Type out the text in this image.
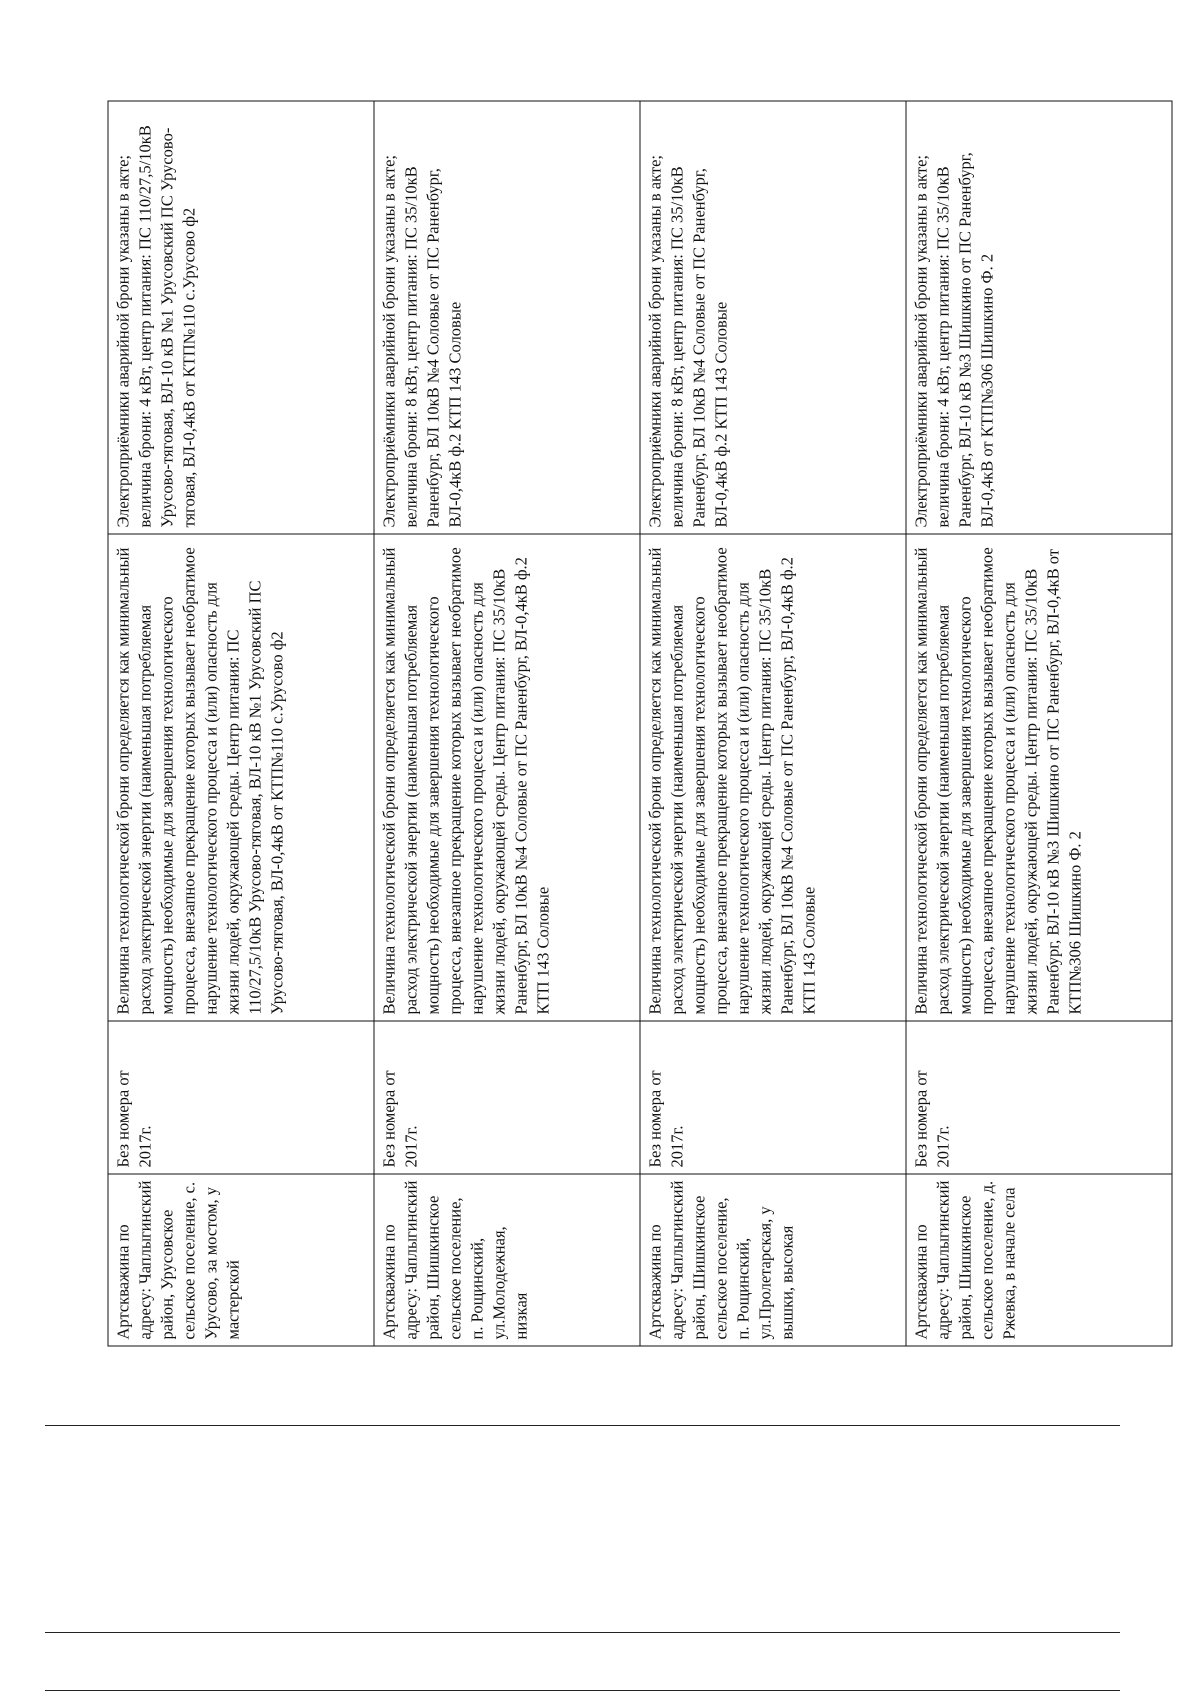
Артскважина по адресу: Чаплыгинский район, Урусовское сельское поселение, с. Урусово, за мостом, у мастерской	Без номера от 2017г.	Величина технологической брони определяется как минимальный расход электрической энергии (наименьшая потребляемая мощность) необходимые для завершения технологического процесса, внезапное прекращение которых вызывает необратимое нарушение технологического процесса и (или) опасность для жизни людей, окружающей среды. Центр питания: ПС 110/27,5/10кВ Урусово-тяговая, ВЛ-10 кВ №1 Урусовский ПС Урусово-тяговая, ВЛ-0,4кВ от КТП№110 с.Урусово ф2	Электроприёмники аварийной брони указаны в акте; величина брони: 4 кВт, центр питания: ПС 110/27,5/10кВ Урусово-тяговая, ВЛ-10 кВ №1 Урусовский ПС Урусово-тяговая, ВЛ-0,4кВ от КТП№110 с.Урусово ф2
Артскважина по адресу: Чаплыгинский район, Шишкинское сельское поселение, п. Рощинский, ул.Молодежная, низкая	Без номера от 2017г.	Величина технологической брони определяется как минимальный расход электрической энергии (наименьшая потребляемая мощность) необходимые для завершения технологического процесса, внезапное прекращение которых вызывает необратимое нарушение технологического процесса и (или) опасность для жизни людей, окружающей среды. Центр питания: ПС 35/10кВ Раненбург, ВЛ 10кВ №4 Соловые от ПС Раненбург, ВЛ-0,4кВ ф.2 КТП 143 Соловые	Электроприёмники аварийной брони указаны в акте; величина брони: 8 кВт, центр питания: ПС 35/10кВ Раненбург, ВЛ 10кВ №4 Соловые от ПС Раненбург, ВЛ-0,4кВ ф.2 КТП 143 Соловые
Артскважина по адресу: Чаплыгинский район, Шишкинское сельское поселение, п. Рощинский, ул.Пролетарская, у вышки, высокая	Без номера от 2017г.	Величина технологической брони определяется как минимальный расход электрической энергии (наименьшая потребляемая мощность) необходимые для завершения технологического процесса, внезапное прекращение которых вызывает необратимое нарушение технологического процесса и (или) опасность для жизни людей, окружающей среды. Центр питания: ПС 35/10кВ Раненбург, ВЛ 10кВ №4 Соловые от ПС Раненбург, ВЛ-0,4кВ ф.2 КТП 143 Соловые	Электроприёмники аварийной брони указаны в акте; величина брони: 8 кВт, центр питания: ПС 35/10кВ Раненбург, ВЛ 10кВ №4 Соловые от ПС Раненбург, ВЛ-0,4кВ ф.2 КТП 143 Соловые
Артскважина по адресу: Чаплыгинский район, Шишкинское сельское поселение, д. Ржевка, в начале села	Без номера от 2017г.	Величина технологической брони определяется как минимальный расход электрической энергии (наименьшая потребляемая мощность) необходимые для завершения технологического процесса, внезапное прекращение которых вызывает необратимое нарушение технологического процесса и (или) опасность для жизни людей, окружающей среды. Центр питания: ПС 35/10кВ Раненбург, ВЛ-10 кВ №3 Шишкино от ПС Раненбург, ВЛ-0,4кВ от КТП№306 Шишкино Ф. 2	Электроприёмники аварийной брони указаны в акте; величина брони: 4 кВт, центр питания: ПС 35/10кВ Раненбург, ВЛ-10 кВ №3 Шишкино от ПС Раненбург, ВЛ-0,4кВ от КТП№306 Шишкино Ф. 2
